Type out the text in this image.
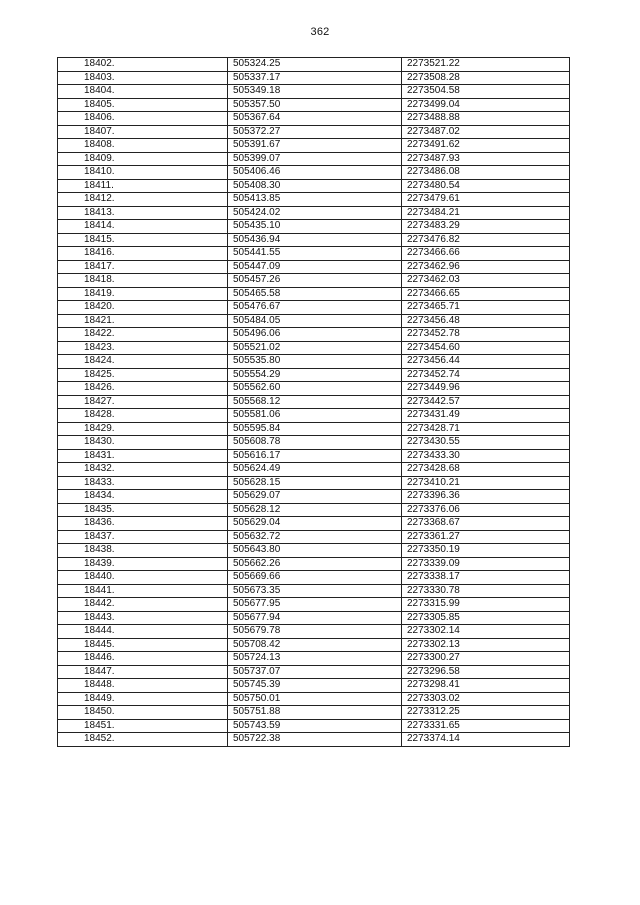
362
18402.	505324.25	2273521.22
18403.	505337.17	2273508.28
18404.	505349.18	2273504.58
18405.	505357.50	2273499.04
18406.	505367.64	2273488.88
18407.	505372.27	2273487.02
18408.	505391.67	2273491.62
18409.	505399.07	2273487.93
18410.	505406.46	2273486.08
18411.	505408.30	2273480.54
18412.	505413.85	2273479.61
18413.	505424.02	2273484.21
18414.	505435.10	2273483.29
18415.	505436.94	2273476.82
18416.	505441.55	2273466.66
18417.	505447.09	2273462.96
18418.	505457.26	2273462.03
18419.	505465.58	2273466.65
18420.	505476.67	2273465.71
18421.	505484.05	2273456.48
18422.	505496.06	2273452.78
18423.	505521.02	2273454.60
18424.	505535.80	2273456.44
18425.	505554.29	2273452.74
18426.	505562.60	2273449.96
18427.	505568.12	2273442.57
18428.	505581.06	2273431.49
18429.	505595.84	2273428.71
18430.	505608.78	2273430.55
18431.	505616.17	2273433.30
18432.	505624.49	2273428.68
18433.	505628.15	2273410.21
18434.	505629.07	2273396.36
18435.	505628.12	2273376.06
18436.	505629.04	2273368.67
18437.	505632.72	2273361.27
18438.	505643.80	2273350.19
18439.	505662.26	2273339.09
18440.	505669.66	2273338.17
18441.	505673.35	2273330.78
18442.	505677.95	2273315.99
18443.	505677.94	2273305.85
18444.	505679.78	2273302.14
18445.	505708.42	2273302.13
18446.	505724.13	2273300.27
18447.	505737.07	2273296.58
18448.	505745.39	2273298.41
18449.	505750.01	2273303.02
18450.	505751.88	2273312.25
18451.	505743.59	2273331.65
18452.	505722.38	2273374.14
